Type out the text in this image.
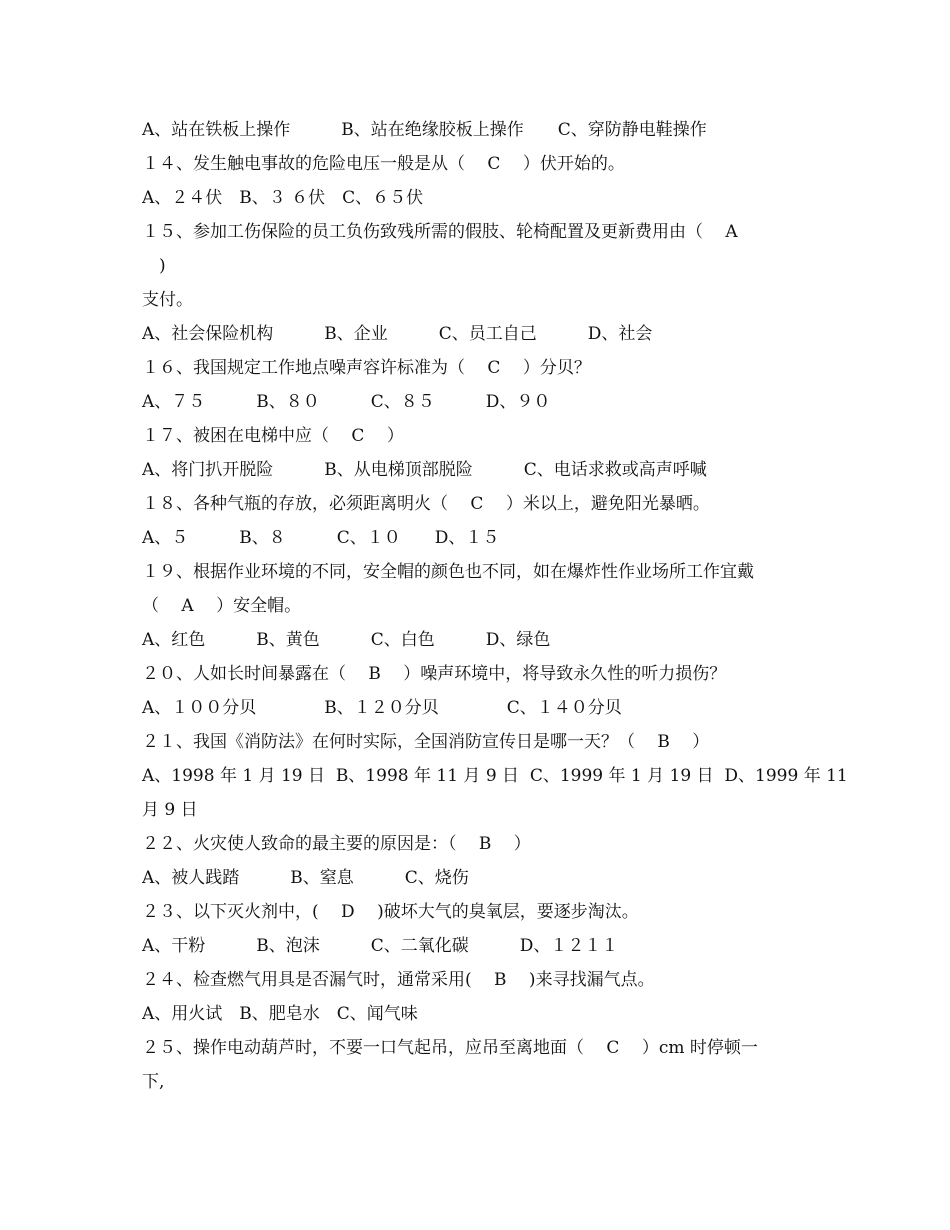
A、站在铁板上操作　　　B、站在绝缘胶板上操作　　C、穿防静电鞋操作
１４、发生触电事故的危险电压一般是从（　 C　 ）伏开始的。
A、２４伏　B、３ ６伏　C、６５伏
１５、参加工伤保险的员工负伤致残所需的假肢、轮椅配置及更新费用由（　 A
　)
支付。
A、社会保险机构　　　B、企业　　　C、员工自己　　　D、社会
１６、我国规定工作地点噪声容许标准为（　 C　 ）分贝？
A、７５　　　B、８０　　　C、８５　　　D、９０
１７、被困在电梯中应（　 C　 ）
A、将门扒开脱险　　　B、从电梯顶部脱险　　　C、电话求救或高声呼喊
１８、各种气瓶的存放，必须距离明火（　 C　 ）米以上，避免阳光暴晒。
A、５　　　B、８　　　C、１０　　D、１５
１９、根据作业环境的不同，安全帽的颜色也不同，如在爆炸性作业场所工作宜戴
（　 A　 ）安全帽。
A、红色　　　B、黄色　　　C、白色　　　D、绿色
２０、人如长时间暴露在（　 B　 ）噪声环境中，将导致永久性的听力损伤？
A、１００分贝　　　　B、１２０分贝　　　　C、１４０分贝
２１、我国《消防法》在何时实际，全国消防宣传日是哪一天？（　 B　 ）
A、1998 年 1 月 19 日  B、1998 年 11 月 9 日  C、1999 年 1 月 19 日  D、1999 年 11
月 9 日
２２、火灾使人致命的最主要的原因是：（　 B　 ）
A、被人践踏　　　B、窒息　　　C、烧伤
２３、以下灭火剂中，(　 D　 )破坏大气的臭氧层，要逐步淘汰。
A、干粉　　　B、泡沫　　　C、二氧化碳　　　D、１２１１
２４、检查燃气用具是否漏气时，通常采用(　 B　 )来寻找漏气点。
A、用火试　B、肥皂水　C、闻气味
２５、操作电动葫芦时，不要一口气起吊，应吊至离地面（　 C　 ）cm 时停顿一
下,
